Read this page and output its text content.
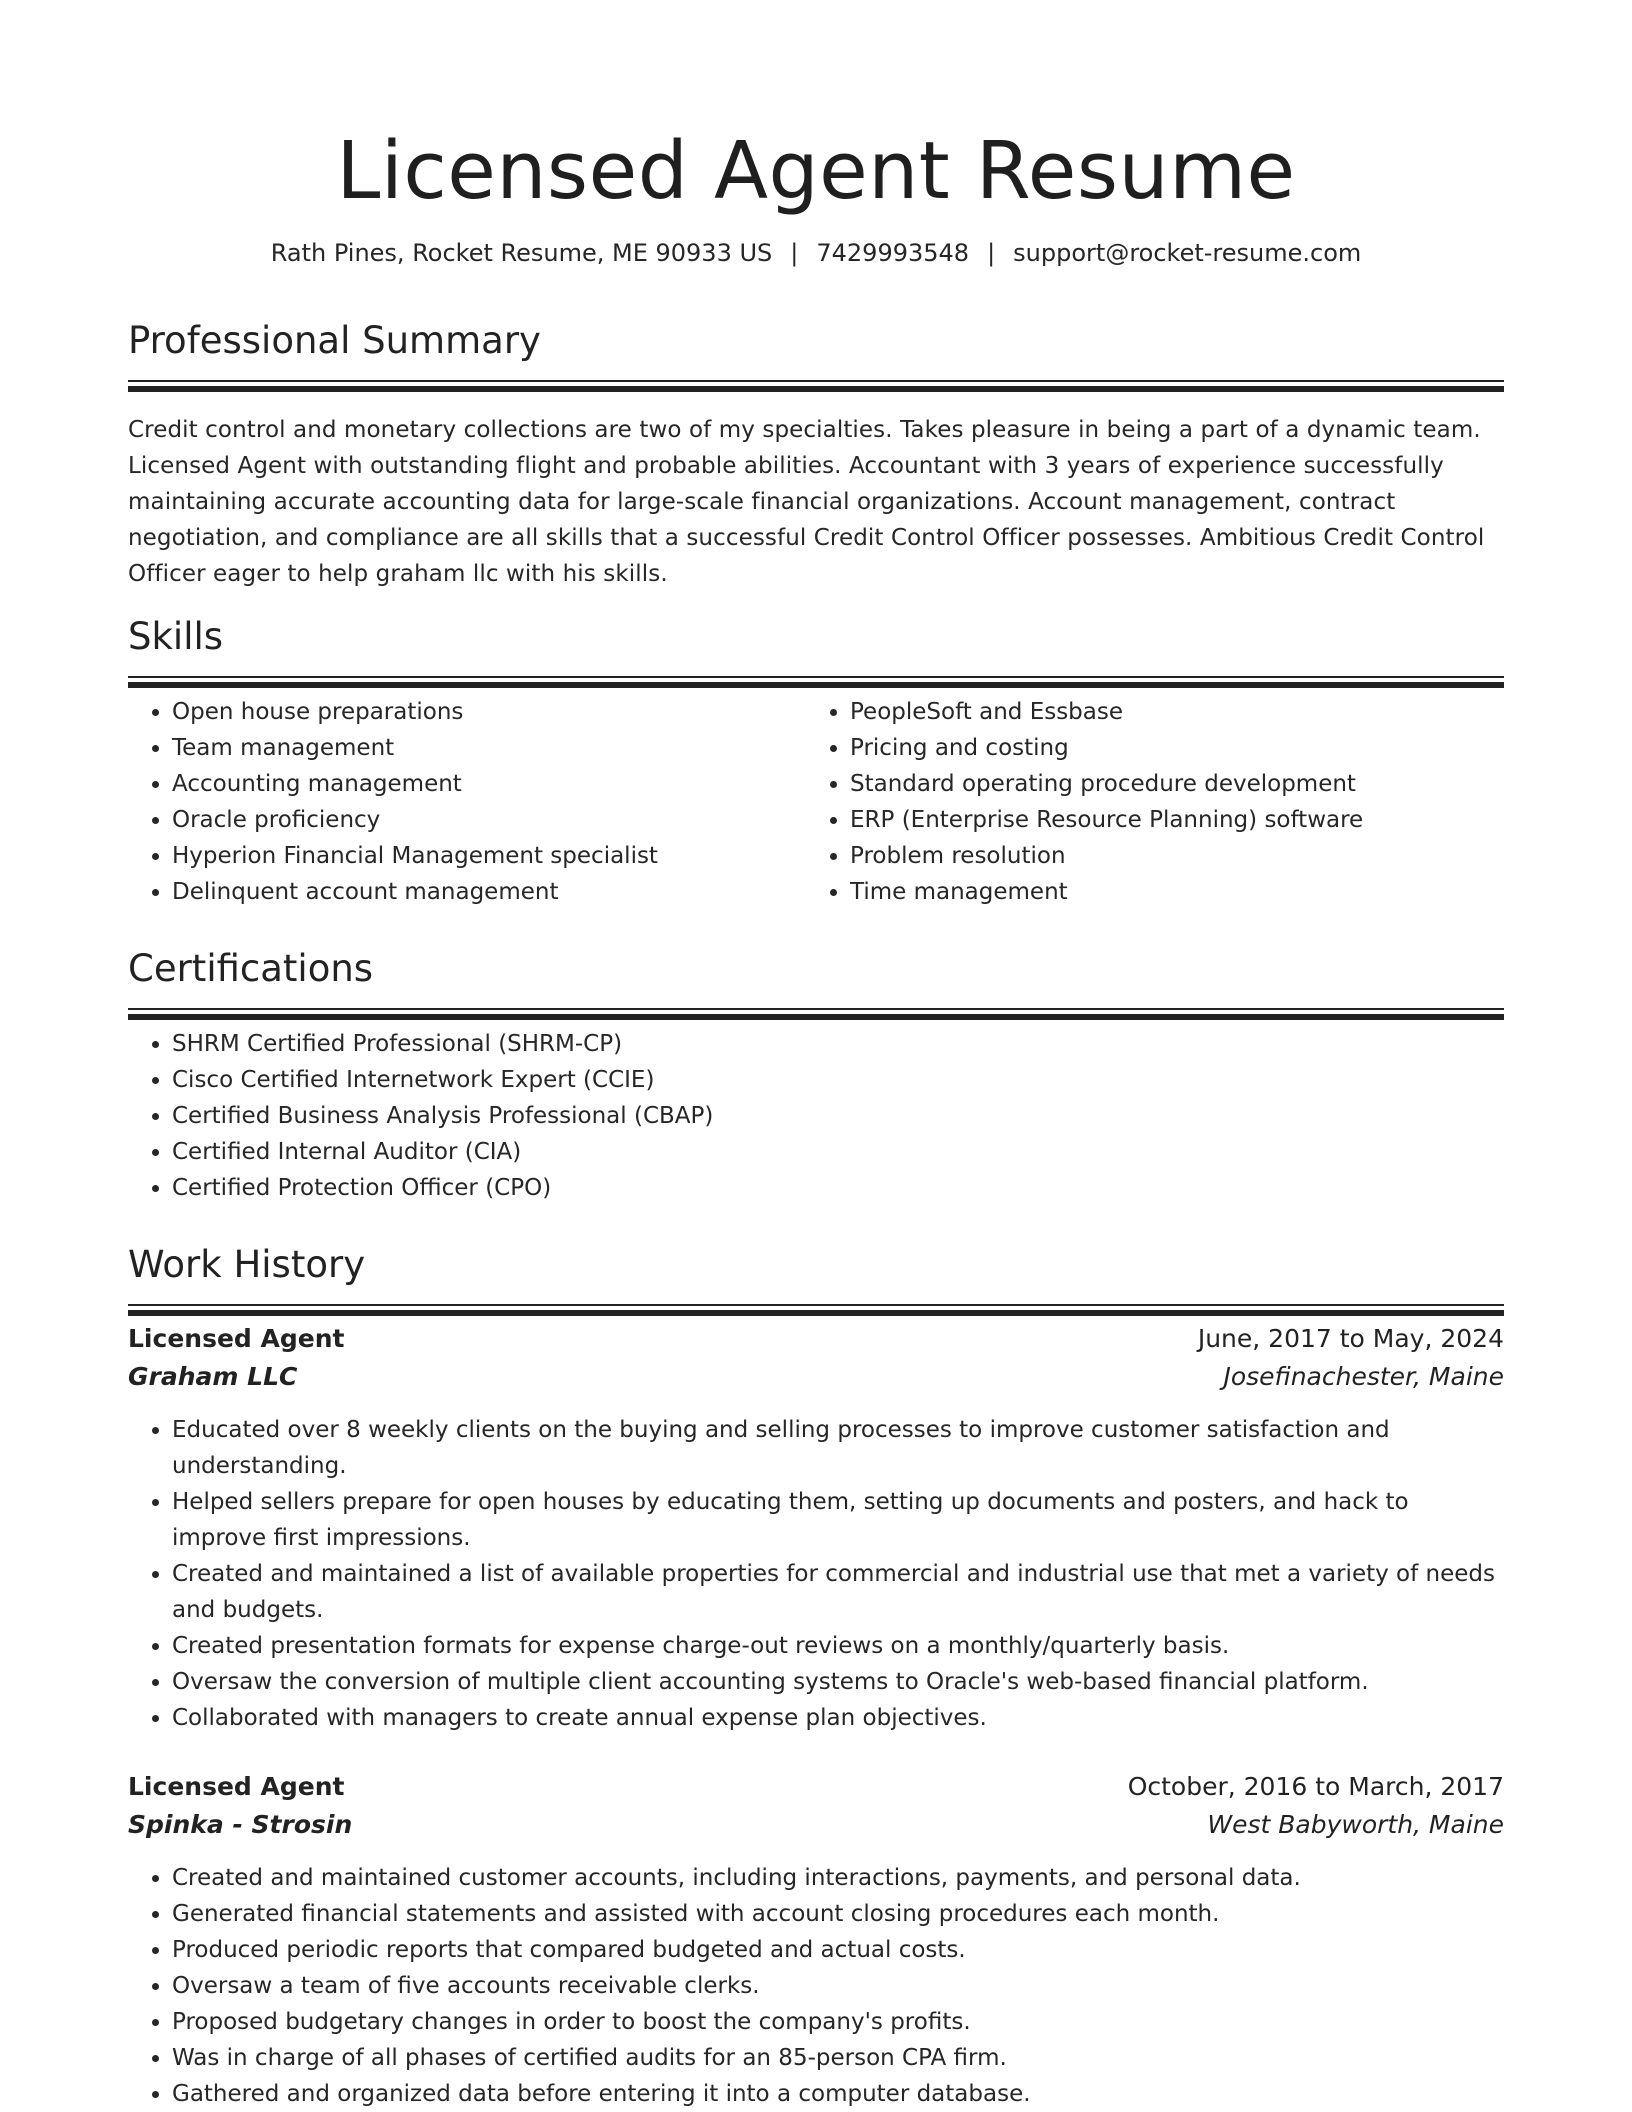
Licensed Agent Resume
Rath Pines, Rocket Resume, ME 90933 US | 7429993548 | support@rocket-resume.com
Professional Summary
Credit control and monetary collections are two of my specialties. Takes pleasure in being a part of a dynamic team. Licensed Agent with outstanding flight and probable abilities. Accountant with 3 years of experience successfully maintaining accurate accounting data for large-scale financial organizations. Account management, contract negotiation, and compliance are all skills that a successful Credit Control Officer possesses. Ambitious Credit Control Officer eager to help graham llc with his skills.
Skills
• Open house preparations
• Team management
• Accounting management
• Oracle proficiency
• Hyperion Financial Management specialist
• Delinquent account management
• PeopleSoft and Essbase
• Pricing and costing
• Standard operating procedure development
• ERP (Enterprise Resource Planning) software
• Problem resolution
• Time management
Certifications
• SHRM Certified Professional (SHRM-CP)
• Cisco Certified Internetwork Expert (CCIE)
• Certified Business Analysis Professional (CBAP)
• Certified Internal Auditor (CIA)
• Certified Protection Officer (CPO)
Work History
Licensed Agent	June, 2017 to May, 2024
Graham LLC	Josefinachester, Maine
• Educated over 8 weekly clients on the buying and selling processes to improve customer satisfaction and understanding.
• Helped sellers prepare for open houses by educating them, setting up documents and posters, and hack to improve first impressions.
• Created and maintained a list of available properties for commercial and industrial use that met a variety of needs and budgets.
• Created presentation formats for expense charge-out reviews on a monthly/quarterly basis.
• Oversaw the conversion of multiple client accounting systems to Oracle's web-based financial platform.
• Collaborated with managers to create annual expense plan objectives.
Licensed Agent	October, 2016 to March, 2017
Spinka - Strosin	West Babyworth, Maine
• Created and maintained customer accounts, including interactions, payments, and personal data.
• Generated financial statements and assisted with account closing procedures each month.
• Produced periodic reports that compared budgeted and actual costs.
• Oversaw a team of five accounts receivable clerks.
• Proposed budgetary changes in order to boost the company's profits.
• Was in charge of all phases of certified audits for an 85-person CPA firm.
• Gathered and organized data before entering it into a computer database.
